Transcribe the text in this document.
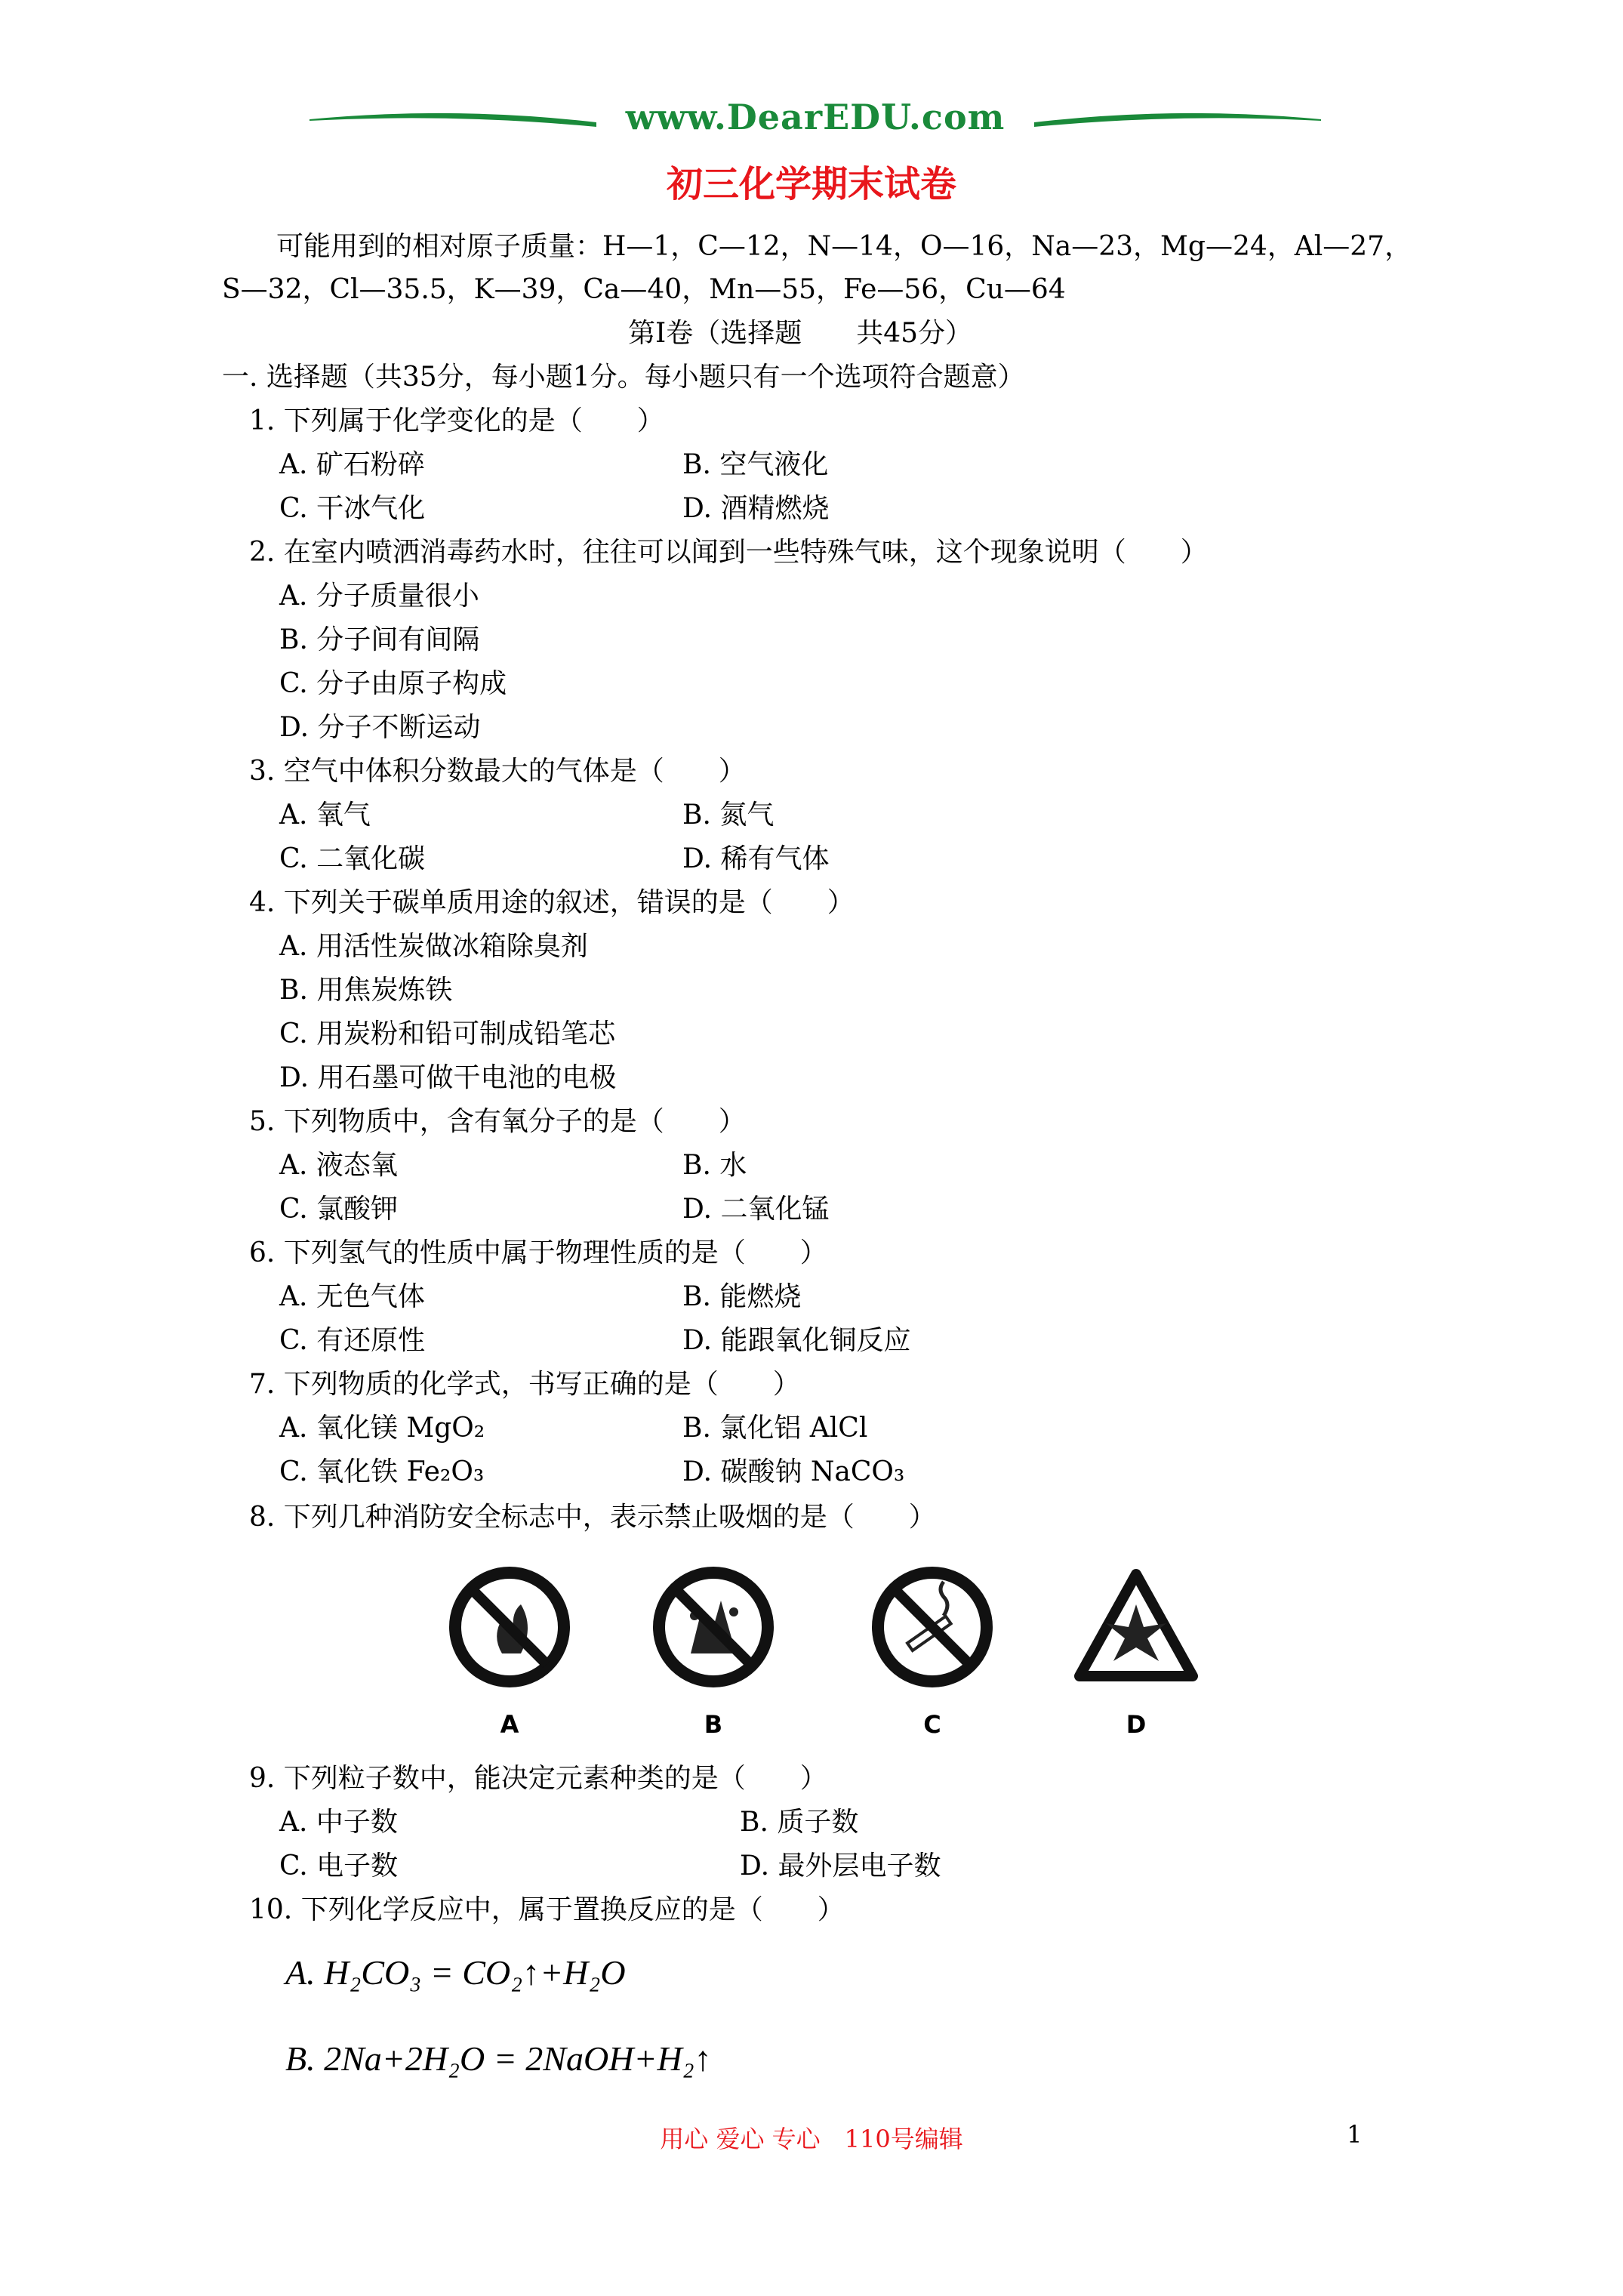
www.DearEDU.com
初三化学期末试卷
可能用到的相对原子质量：H—1，C—12，N—14，O—16，Na—23，Mg—24，Al—27，
S—32，Cl—35.5，K—39，Ca—40，Mn—55，Fe—56，Cu—64
第Ⅰ卷（选择题　　共45分）
一. 选择题（共35分，每小题1分。每小题只有一个选项符合题意）
1. 下列属于化学变化的是（　　）
A. 矿石粉碎	B. 空气液化
C. 干冰气化	D. 酒精燃烧
2. 在室内喷洒消毒药水时，往往可以闻到一些特殊气味，这个现象说明（　　）
A. 分子质量很小
B. 分子间有间隔
C. 分子由原子构成
D. 分子不断运动
3. 空气中体积分数最大的气体是（　　）
A. 氧气	B. 氮气
C. 二氧化碳	D. 稀有气体
4. 下列关于碳单质用途的叙述，错误的是（　　）
A. 用活性炭做冰箱除臭剂
B. 用焦炭炼铁
C. 用炭粉和铅可制成铅笔芯
D. 用石墨可做干电池的电极
5. 下列物质中，含有氧分子的是（　　）
A. 液态氧	B. 水
C. 氯酸钾	D. 二氧化锰
6. 下列氢气的性质中属于物理性质的是（　　）
A. 无色气体	B. 能燃烧
C. 有还原性	D. 能跟氧化铜反应
7. 下列物质的化学式，书写正确的是（　　）
A. 氧化镁 MgO₂	B. 氯化铝 AlCl
C. 氧化铁 Fe₂O₃	D. 碳酸钠 NaCO₃
8. 下列几种消防安全标志中，表示禁止吸烟的是（　　）
A	B	C	D
9. 下列粒子数中，能决定元素种类的是（　　）
A. 中子数	B. 质子数
C. 电子数	D. 最外层电子数
10. 下列化学反应中，属于置换反应的是（　　）
A. H₂CO₃ = CO₂↑+H₂O
B. 2Na+2H₂O = 2NaOH+H₂↑
用心 爱心 专心　110号编辑	1
